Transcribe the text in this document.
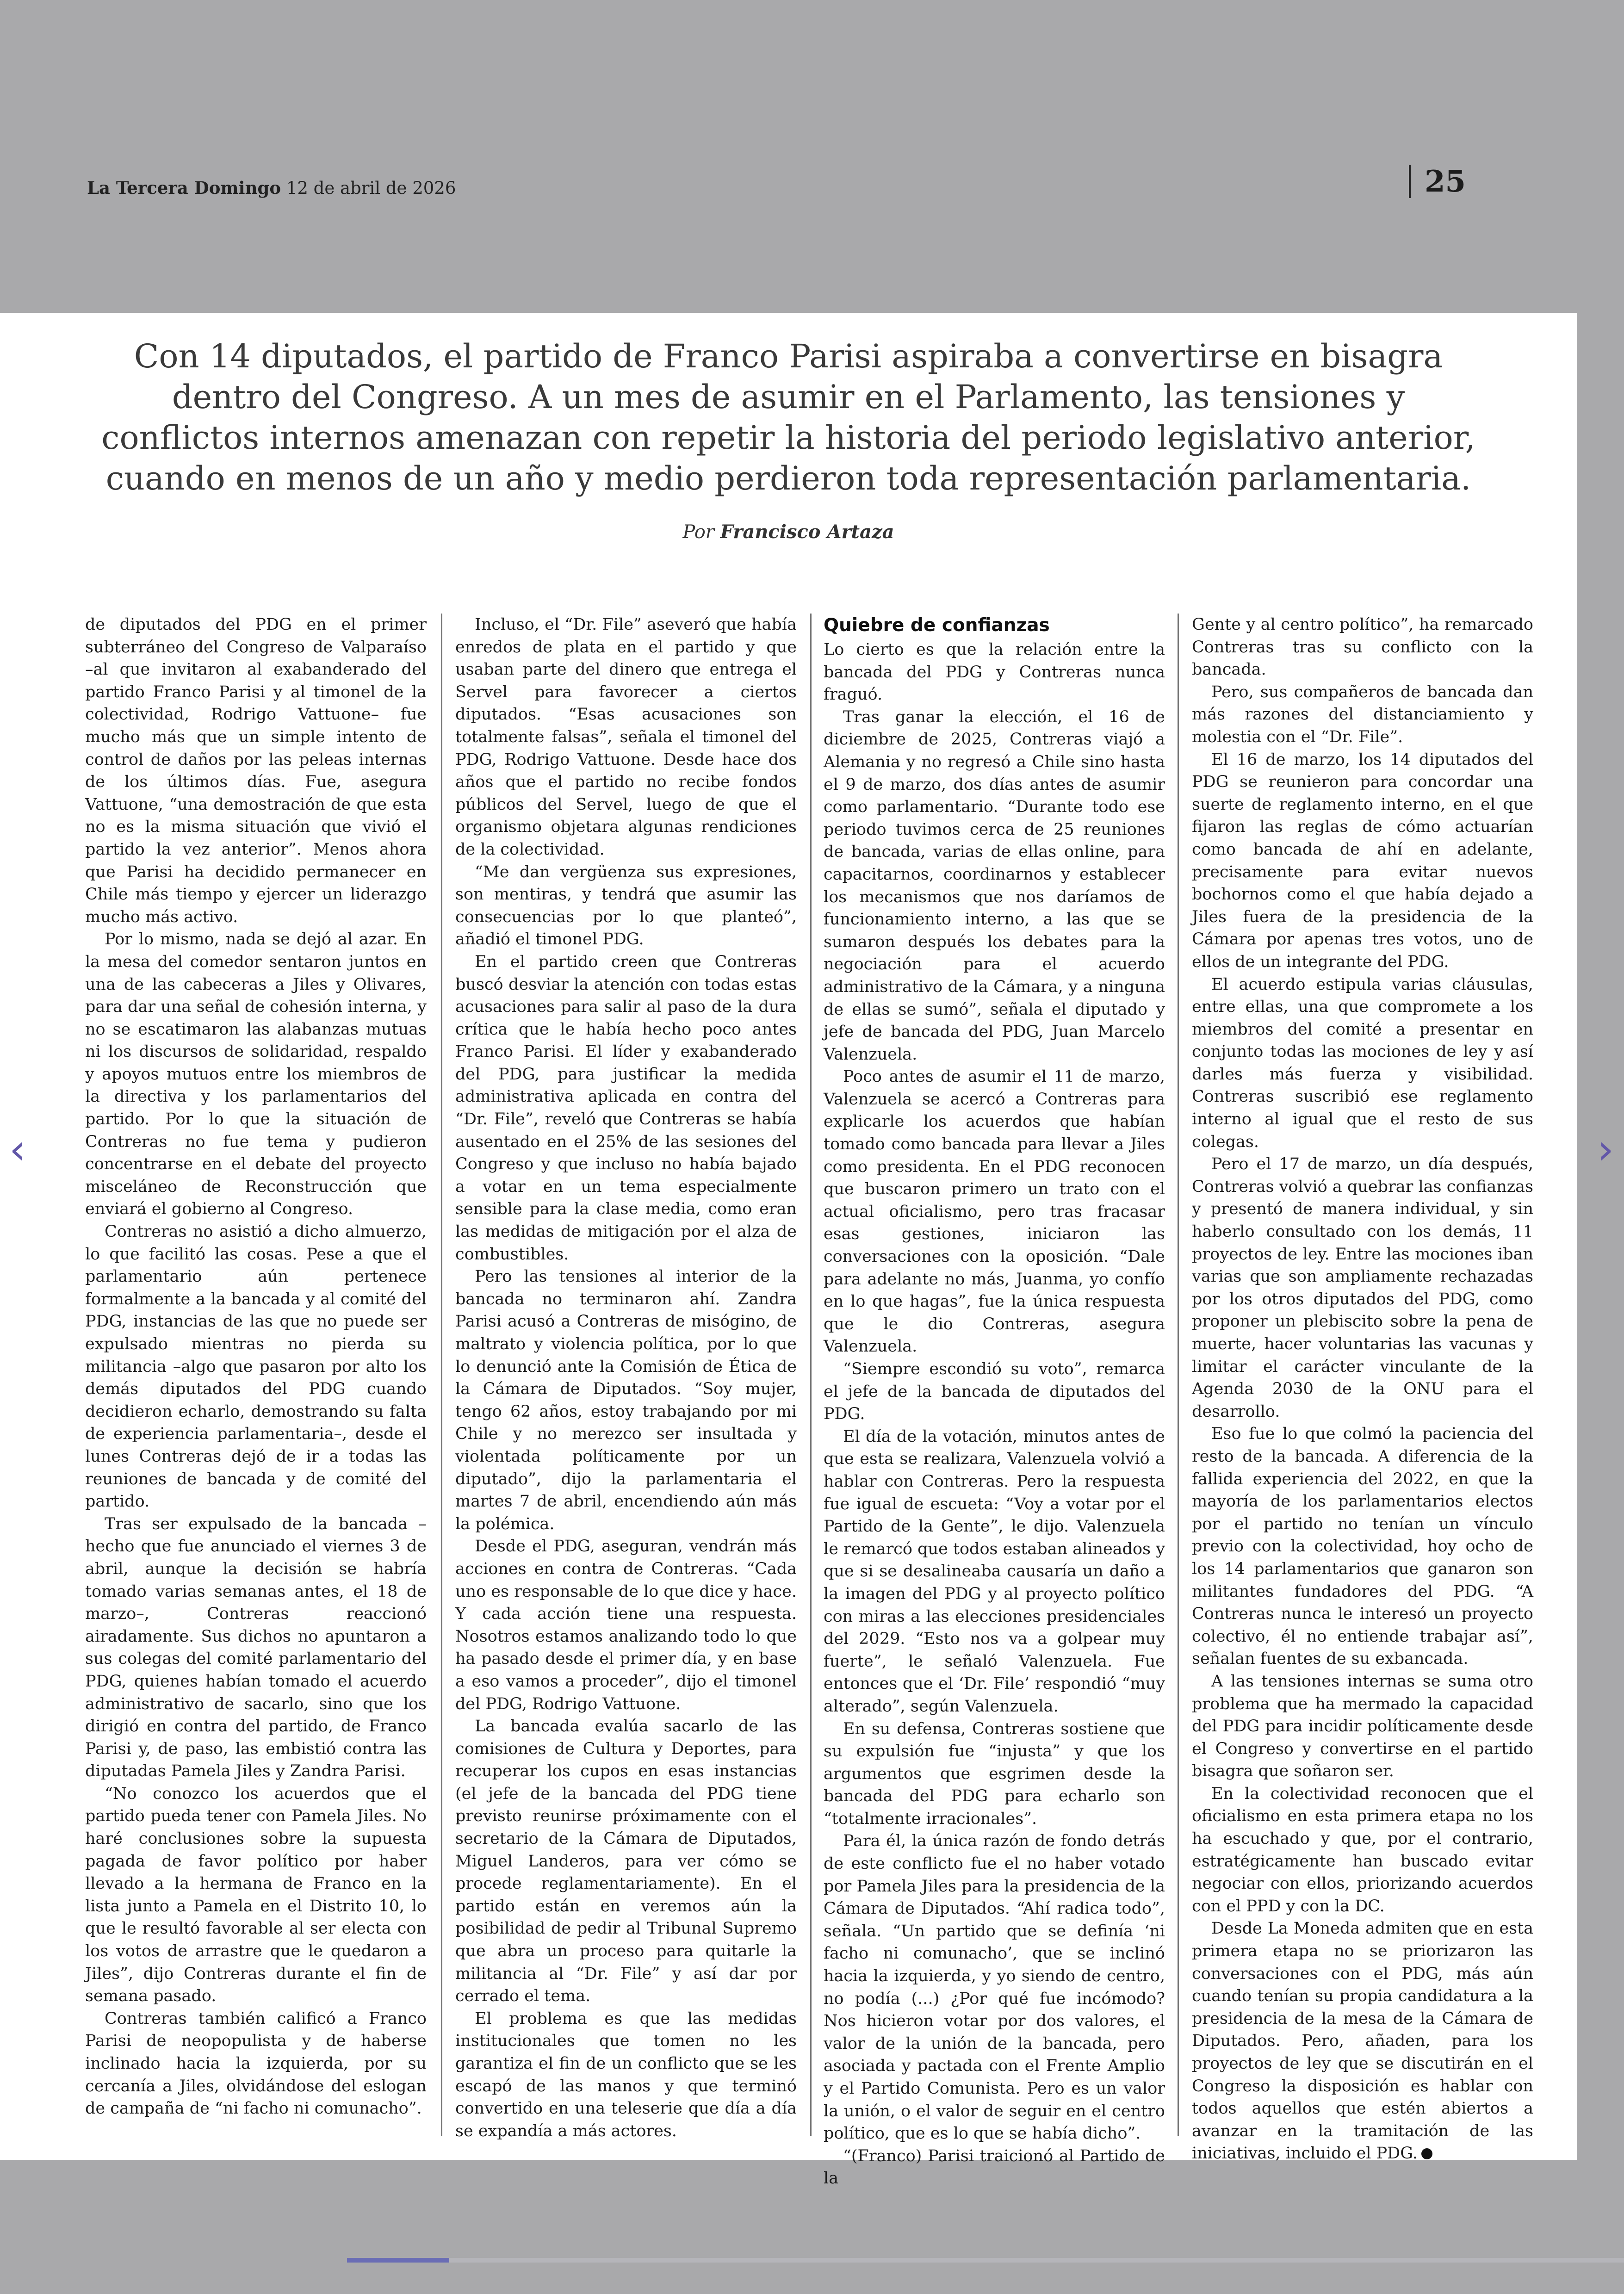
La Tercera Domingo 12 de abril de 2026	25
Con 14 diputados, el partido de Franco Parisi aspiraba a convertirse en bisagra dentro del Congreso. A un mes de asumir en el Parlamento, las tensiones y conflictos internos amenazan con repetir la historia del periodo legislativo anterior, cuando en menos de un año y medio perdieron toda representación parlamentaria.
Por Francisco Artaza

de diputados del PDG en el primer subterráneo del Congreso de Valparaíso –al que invitaron al exabanderado del partido Franco Parisi y al timonel de la colectividad, Rodrigo Vattuone– fue mucho más que un simple intento de control de daños por las peleas internas de los últimos días. Fue, asegura Vattuone, “una demostración de que esta no es la misma situación que vivió el partido la vez anterior”. Menos ahora que Parisi ha decidido permanecer en Chile más tiempo y ejercer un liderazgo mucho más activo.

Por lo mismo, nada se dejó al azar. En la mesa del comedor sentaron juntos en una de las cabeceras a Jiles y Olivares, para dar una señal de cohesión interna, y no se escatimaron las alabanzas mutuas ni los discursos de solidaridad, respaldo y apoyos mutuos entre los miembros de la directiva y los parlamentarios del partido. Por lo que la situación de Contreras no fue tema y pudieron concentrarse en el debate del proyecto misceláneo de Reconstrucción que enviará el gobierno al Congreso.

Contreras no asistió a dicho almuerzo, lo que facilitó las cosas. Pese a que el parlamentario aún pertenece formalmente a la bancada y al comité del PDG, instancias de las que no puede ser expulsado mientras no pierda su militancia –algo que pasaron por alto los demás diputados del PDG cuando decidieron echarlo, demostrando su falta de experiencia parlamentaria–, desde el lunes Contreras dejó de ir a todas las reuniones de bancada y de comité del partido.

Tras ser expulsado de la bancada –hecho que fue anunciado el viernes 3 de abril, aunque la decisión se habría tomado varias semanas antes, el 18 de marzo–, Contreras reaccionó airadamente. Sus dichos no apuntaron a sus colegas del comité parlamentario del PDG, quienes habían tomado el acuerdo administrativo de sacarlo, sino que los dirigió en contra del partido, de Franco Parisi y, de paso, las embistió contra las diputadas Pamela Jiles y Zandra Parisi.

“No conozco los acuerdos que el partido pueda tener con Pamela Jiles. No haré conclusiones sobre la supuesta pagada de favor político por haber llevado a la hermana de Franco en la lista junto a Pamela en el Distrito 10, lo que le resultó favorable al ser electa con los votos de arrastre que le quedaron a Jiles”, dijo Contreras durante el fin de semana pasado.

Contreras también calificó a Franco Parisi de neopopulista y de haberse inclinado hacia la izquierda, por su cercanía a Jiles, olvidándose del eslogan de campaña de “ni facho ni comunacho”.

Incluso, el “Dr. File” aseveró que había enredos de plata en el partido y que usaban parte del dinero que entrega el Servel para favorecer a ciertos diputados. “Esas acusaciones son totalmente falsas”, señala el timonel del PDG, Rodrigo Vattuone. Desde hace dos años que el partido no recibe fondos públicos del Servel, luego de que el organismo objetara algunas rendiciones de la colectividad.

“Me dan vergüenza sus expresiones, son mentiras, y tendrá que asumir las consecuencias por lo que planteó”, añadió el timonel PDG.

En el partido creen que Contreras buscó desviar la atención con todas estas acusaciones para salir al paso de la dura crítica que le había hecho poco antes Franco Parisi. El líder y exabanderado del PDG, para justificar la medida administrativa aplicada en contra del “Dr. File”, reveló que Contreras se había ausentado en el 25% de las sesiones del Congreso y que incluso no había bajado a votar en un tema especialmente sensible para la clase media, como eran las medidas de mitigación por el alza de combustibles.

Pero las tensiones al interior de la bancada no terminaron ahí. Zandra Parisi acusó a Contreras de misógino, de maltrato y violencia política, por lo que lo denunció ante la Comisión de Ética de la Cámara de Diputados. “Soy mujer, tengo 62 años, estoy trabajando por mi Chile y no merezco ser insultada y violentada políticamente por un diputado”, dijo la parlamentaria el martes 7 de abril, encendiendo aún más la polémica.

Desde el PDG, aseguran, vendrán más acciones en contra de Contreras. “Cada uno es responsable de lo que dice y hace. Y cada acción tiene una respuesta. Nosotros estamos analizando todo lo que ha pasado desde el primer día, y en base a eso vamos a proceder”, dijo el timonel del PDG, Rodrigo Vattuone.

La bancada evalúa sacarlo de las comisiones de Cultura y Deportes, para recuperar los cupos en esas instancias (el jefe de la bancada del PDG tiene previsto reunirse próximamente con el secretario de la Cámara de Diputados, Miguel Landeros, para ver cómo se procede reglamentariamente). En el partido están en veremos aún la posibilidad de pedir al Tribunal Supremo que abra un proceso para quitarle la militancia al “Dr. File” y así dar por cerrado el tema.

El problema es que las medidas institucionales que tomen no les garantiza el fin de un conflicto que se les escapó de las manos y que terminó convertido en una teleserie que día a día se expandía a más actores.

Quiebre de confianzas

Lo cierto es que la relación entre la bancada del PDG y Contreras nunca fraguó.

Tras ganar la elección, el 16 de diciembre de 2025, Contreras viajó a Alemania y no regresó a Chile sino hasta el 9 de marzo, dos días antes de asumir como parlamentario. “Durante todo ese periodo tuvimos cerca de 25 reuniones de bancada, varias de ellas online, para capacitarnos, coordinarnos y establecer los mecanismos que nos daríamos de funcionamiento interno, a las que se sumaron después los debates para la negociación para el acuerdo administrativo de la Cámara, y a ninguna de ellas se sumó”, señala el diputado y jefe de bancada del PDG, Juan Marcelo Valenzuela.

Poco antes de asumir el 11 de marzo, Valenzuela se acercó a Contreras para explicarle los acuerdos que habían tomado como bancada para llevar a Jiles como presidenta. En el PDG reconocen que buscaron primero un trato con el actual oficialismo, pero tras fracasar esas gestiones, iniciaron las conversaciones con la oposición. “Dale para adelante no más, Juanma, yo confío en lo que hagas”, fue la única respuesta que le dio Contreras, asegura Valenzuela.

“Siempre escondió su voto”, remarca el jefe de la bancada de diputados del PDG.

El día de la votación, minutos antes de que esta se realizara, Valenzuela volvió a hablar con Contreras. Pero la respuesta fue igual de escueta: “Voy a votar por el Partido de la Gente”, le dijo. Valenzuela le remarcó que todos estaban alineados y que si se desalineaba causaría un daño a la imagen del PDG y al proyecto político con miras a las elecciones presidenciales del 2029. “Esto nos va a golpear muy fuerte”, le señaló Valenzuela. Fue entonces que el ‘Dr. File’ respondió “muy alterado”, según Valenzuela.

En su defensa, Contreras sostiene que su expulsión fue “injusta” y que los argumentos que esgrimen desde la bancada del PDG para echarlo son “totalmente irracionales”.

Para él, la única razón de fondo detrás de este conflicto fue el no haber votado por Pamela Jiles para la presidencia de la Cámara de Diputados. “Ahí radica todo”, señala. “Un partido que se definía ‘ni facho ni comunacho’, que se inclinó hacia la izquierda, y yo siendo de centro, no podía (...) ¿Por qué fue incómodo? Nos hicieron votar por dos valores, el valor de la unión de la bancada, pero asociada y pactada con el Frente Amplio y el Partido Comunista. Pero es un valor la unión, o el valor de seguir en el centro político, que es lo que se había dicho”.

“(Franco) Parisi traicionó al Partido de la

Gente y al centro político”, ha remarcado Contreras tras su conflicto con la bancada.

Pero, sus compañeros de bancada dan más razones del distanciamiento y molestia con el “Dr. File”.

El 16 de marzo, los 14 diputados del PDG se reunieron para concordar una suerte de reglamento interno, en el que fijaron las reglas de cómo actuarían como bancada de ahí en adelante, precisamente para evitar nuevos bochornos como el que había dejado a Jiles fuera de la presidencia de la Cámara por apenas tres votos, uno de ellos de un integrante del PDG.

El acuerdo estipula varias cláusulas, entre ellas, una que compromete a los miembros del comité a presentar en conjunto todas las mociones de ley y así darles más fuerza y visibilidad. Contreras suscribió ese reglamento interno al igual que el resto de sus colegas.

Pero el 17 de marzo, un día después, Contreras volvió a quebrar las confianzas y presentó de manera individual, y sin haberlo consultado con los demás, 11 proyectos de ley. Entre las mociones iban varias que son ampliamente rechazadas por los otros diputados del PDG, como proponer un plebiscito sobre la pena de muerte, hacer voluntarias las vacunas y limitar el carácter vinculante de la Agenda 2030 de la ONU para el desarrollo.

Eso fue lo que colmó la paciencia del resto de la bancada. A diferencia de la fallida experiencia del 2022, en que la mayoría de los parlamentarios electos por el partido no tenían un vínculo previo con la colectividad, hoy ocho de los 14 parlamentarios que ganaron son militantes fundadores del PDG. “A Contreras nunca le interesó un proyecto colectivo, él no entiende trabajar así”, señalan fuentes de su exbancada.

A las tensiones internas se suma otro problema que ha mermado la capacidad del PDG para incidir políticamente desde el Congreso y convertirse en el partido bisagra que soñaron ser.

En la colectividad reconocen que el oficialismo en esta primera etapa no los ha escuchado y que, por el contrario, estratégicamente han buscado evitar negociar con ellos, priorizando acuerdos con el PPD y con la DC.

Desde La Moneda admiten que en esta primera etapa no se priorizaron las conversaciones con el PDG, más aún cuando tenían su propia candidatura a la presidencia de la mesa de la Cámara de Diputados. Pero, añaden, para los proyectos de ley que se discutirán en el Congreso la disposición es hablar con todos aquellos que estén abiertos a avanzar en la tramitación de las iniciativas, incluido el PDG.

‹	›
